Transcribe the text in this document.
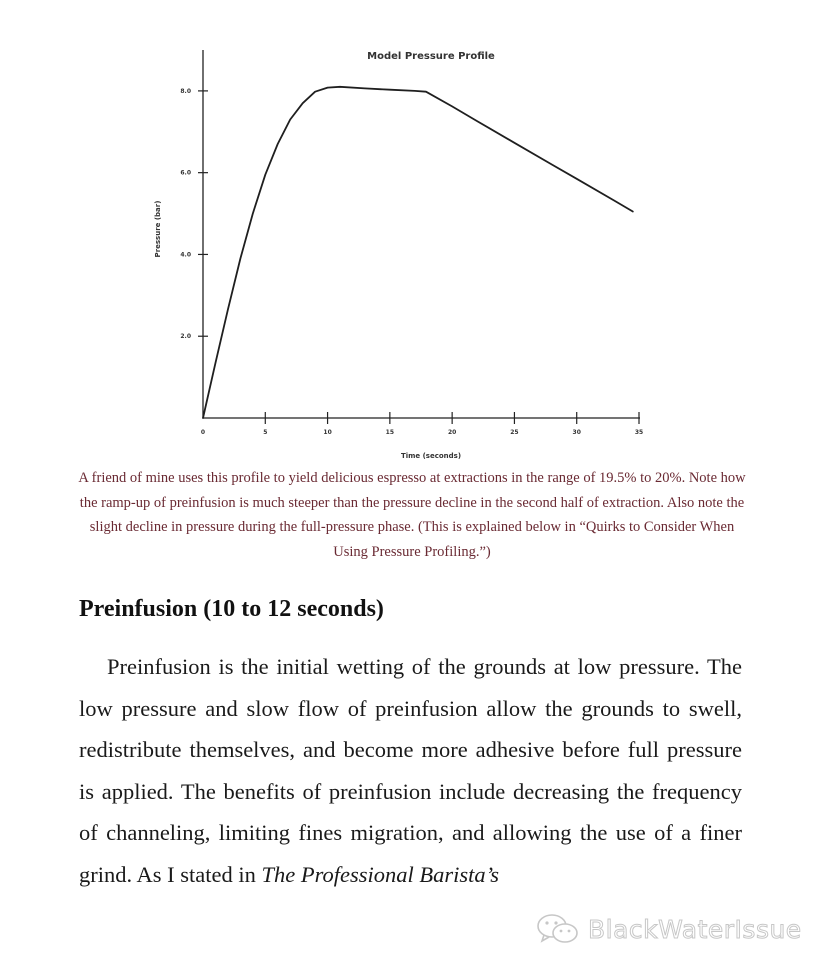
Model Pressure Profile
2.0
4.0
6.0
8.0
0	5	10	15	20	25	30	35
Time (seconds)
Pressure (bar)
A friend of mine uses this profile to yield delicious espresso at extractions in the range of 19.5% to 20%. Note how the ramp-up of preinfusion is much steeper than the pressure decline in the second half of extraction. Also note the slight decline in pressure during the full-pressure phase. (This is explained below in “Quirks to Consider When Using Pressure Profiling.”)
Preinfusion (10 to 12 seconds)

Preinfusion is the initial wetting of the grounds at low pressure. The low pressure and slow flow of preinfusion allow the grounds to swell, redistribute themselves, and become more adhesive before full pressure is applied. The benefits of preinfusion include decreasing the frequency of channeling, limiting fines migration, and allowing the use of a finer grind. As I stated in The Professional Barista’s

BlackWaterIssue
